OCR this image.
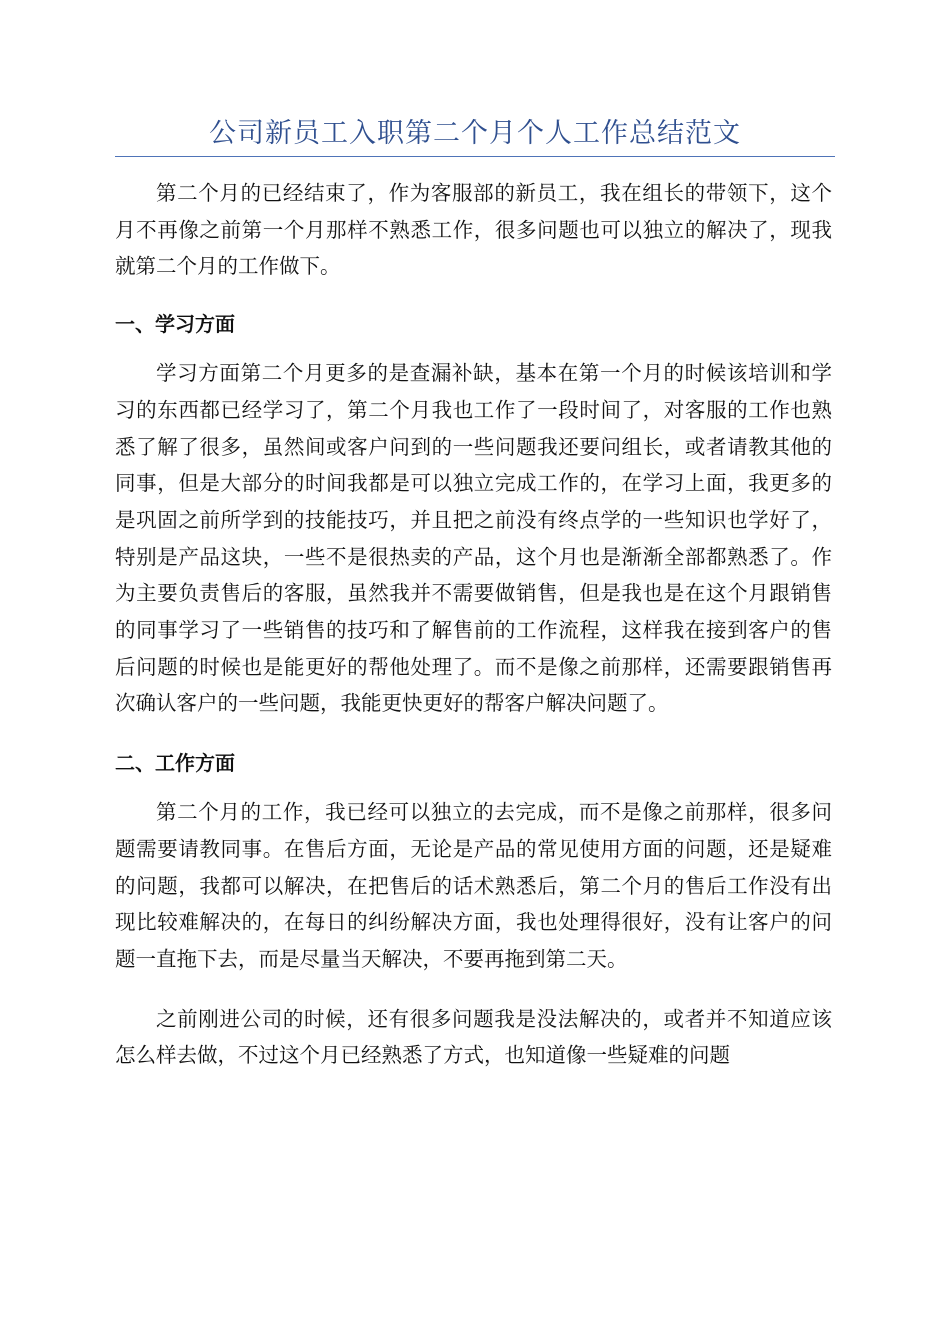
公司新员工入职第二个月个人工作总结范文

第二个月的已经结束了，作为客服部的新员工，我在组长的带领下，这个月不再像之前第一个月那样不熟悉工作，很多问题也可以独立的解决了，现我就第二个月的工作做下。

一、学习方面

学习方面第二个月更多的是查漏补缺，基本在第一个月的时候该培训和学习的东西都已经学习了，第二个月我也工作了一段时间了，对客服的工作也熟悉了解了很多，虽然间或客户问到的一些问题我还要问组长，或者请教其他的同事，但是大部分的时间我都是可以独立完成工作的，在学习上面，我更多的是巩固之前所学到的技能技巧，并且把之前没有终点学的一些知识也学好了，特别是产品这块，一些不是很热卖的产品，这个月也是渐渐全部都熟悉了。作为主要负责售后的客服，虽然我并不需要做销售，但是我也是在这个月跟销售的同事学习了一些销售的技巧和了解售前的工作流程，这样我在接到客户的售后问题的时候也是能更好的帮他处理了。而不是像之前那样，还需要跟销售再次确认客户的一些问题，我能更快更好的帮客户解决问题了。

二、工作方面

第二个月的工作，我已经可以独立的去完成，而不是像之前那样，很多问题需要请教同事。在售后方面，无论是产品的常见使用方面的问题，还是疑难的问题，我都可以解决，在把售后的话术熟悉后，第二个月的售后工作没有出现比较难解决的，在每日的纠纷解决方面，我也处理得很好，没有让客户的问题一直拖下去，而是尽量当天解决，不要再拖到第二天。

之前刚进公司的时候，还有很多问题我是没法解决的，或者并不知道应该怎么样去做，不过这个月已经熟悉了方式，也知道像一些疑难的问题
